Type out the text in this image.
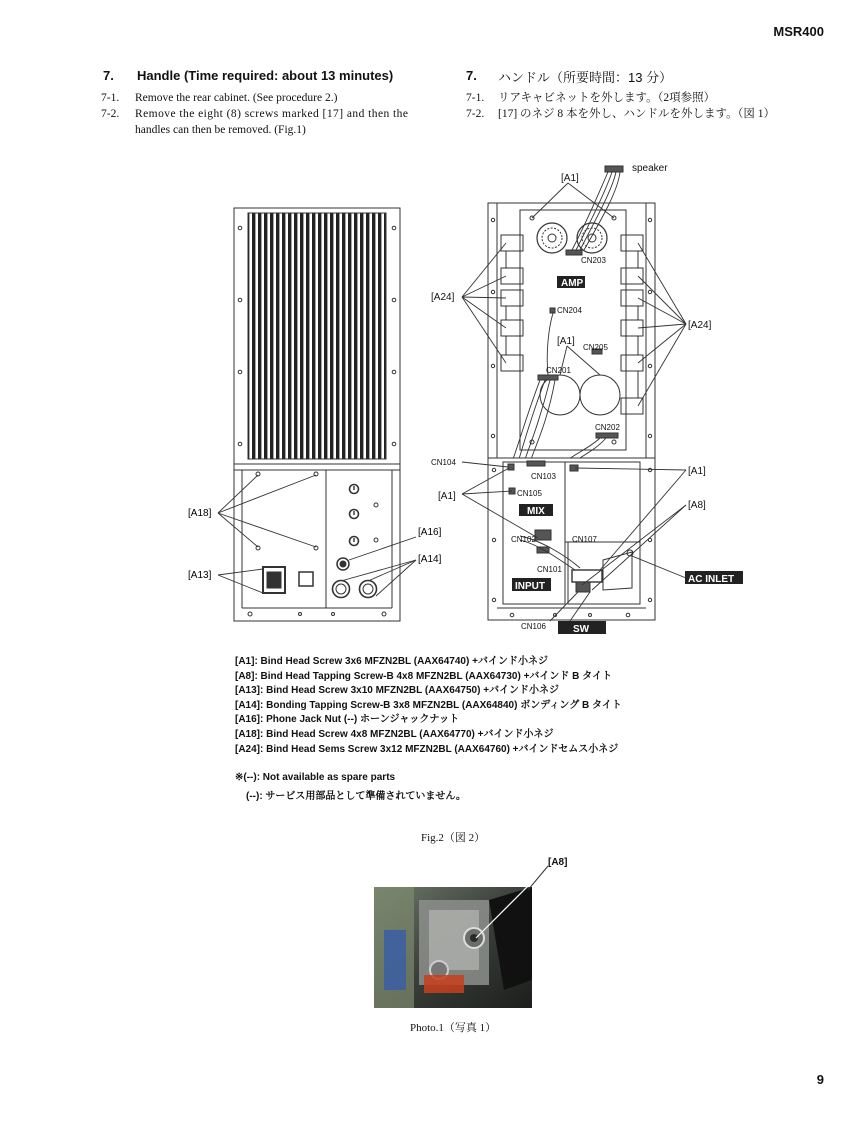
MSR400
7. Handle (Time required: about 13 minutes)
7-1. Remove the rear cabinet. (See procedure 2.)
7-2. Remove the eight (8) screws marked [17] and then the
handles can then be removed. (Fig.1)
7. ハンドル（所要時間：13 分）
7-1. リアキャビネットを外します。（2項参照）
7-2. [17] のネジ 8 本を外し、ハンドルを外します。（図 1）
[A18]
[A13]
[A16]
[A14]
[A1]
speaker
CN203
AMP
[A24]
[A24]
CN204
[A1]
CN205
CN201
CN202
CN104
CN103
[A1]	CN105
MIX
[A1]
[A8]
CN102	CN107
CN101
INPUT
AC INLET
CN106	SW
[A1]: Bind Head Screw 3x6 MFZN2BL (AAX64740) +バインド小ネジ
[A8]: Bind Head Tapping Screw-B 4x8 MFZN2BL (AAX64730) +バインド B タイト
[A13]: Bind Head Screw 3x10 MFZN2BL (AAX64750) +バインド小ネジ
[A14]: Bonding Tapping Screw-B 3x8 MFZN2BL (AAX64840) ボンディング B タイト
[A16]: Phone Jack Nut (--) ホーンジャックナット
[A18]: Bind Head Screw 4x8 MFZN2BL (AAX64770) +バインド小ネジ
[A24]: Bind Head Sems Screw 3x12 MFZN2BL (AAX64760) +バインドセムス小ネジ
※(--): Not available as spare parts
(--): サービス用部品として準備されていません。
Fig.2（図 2）
[A8]
Photo.1（写真 1）
9
